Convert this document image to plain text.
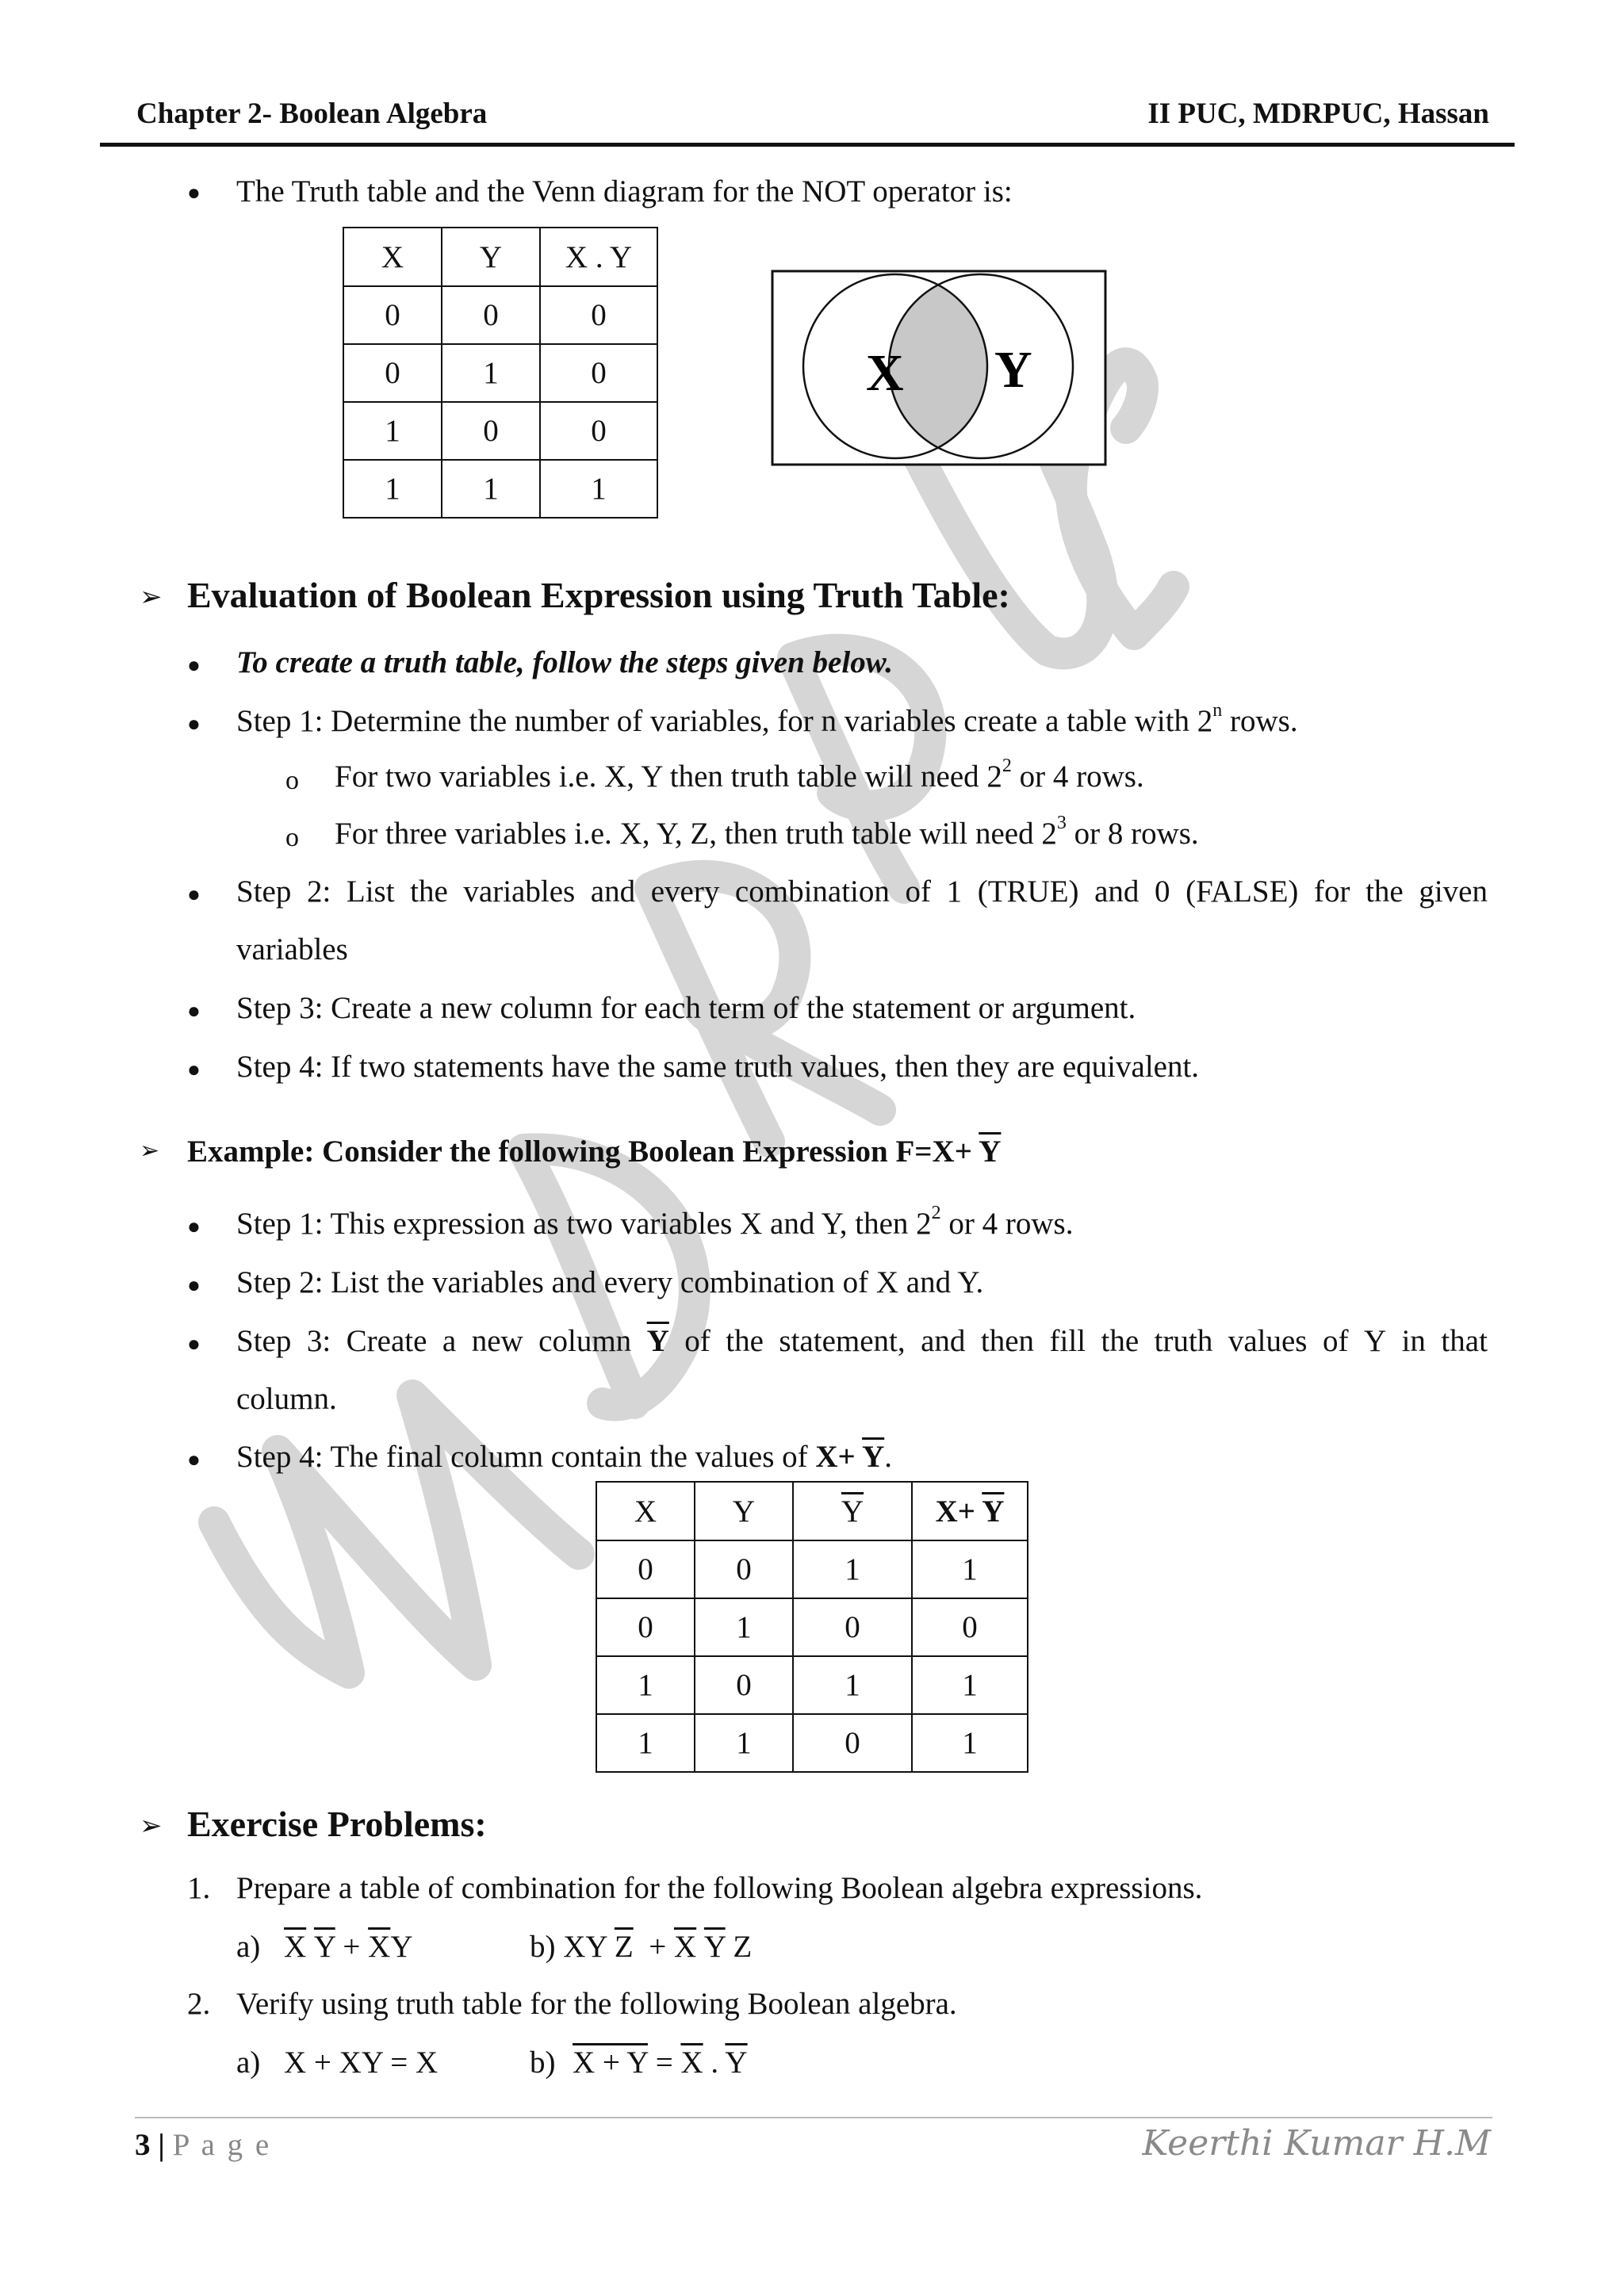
Chapter 2- Boolean Algebra	II PUC, MDRPUC, Hassan
● The Truth table and the Venn diagram for the NOT operator is:
X	Y	X . Y
0	0	0
0	1	0
1	0	0
1	1	1
X Y
➢ Evaluation of Boolean Expression using Truth Table:
● To create a truth table, follow the steps given below.
● Step 1: Determine the number of variables, for n variables create a table with 2$^n$ rows.
o For two variables i.e. X, Y then truth table will need $2^2$ or 4 rows.
o For three variables i.e. X, Y, Z, then truth table will need $2^3$ or 8 rows.
● Step 2: List the variables and every combination of 1 (TRUE) and 0 (FALSE) for the given
variables
● Step 3: Create a new column for each term of the statement or argument.
● Step 4: If two statements have the same truth values, then they are equivalent.
➢ Example: Consider the following Boolean Expression $F=X+ \overline{Y}$
● Step 1: This expression as two variables X and Y, then $2^2$ or 4 rows.
● Step 2: List the variables and every combination of X and Y.
● Step 3: Create a new column $\overline{Y}$ of the statement, and then fill the truth values of Y in that
column.
● Step 4: The final column contain the values of $X+ \overline{Y}$.
X	Y	$\overline{Y}$	$X+ \overline{Y}$
0	0	1	1
0	1	0	0
1	0	1	1
1	1	0	1
➢ Exercise Problems:
1. Prepare a table of combination for the following Boolean algebra expressions.
a) $\overline{X}$ $\overline{Y} + \overline{X}Y$	b) XY $\overline{Z} + \overline{X}$ $\overline{Y}$ Z
2. Verify using truth table for the following Boolean algebra.
a) X + XY = X	b) $X + Y = \overline{X}$ . $\overline{Y}$
3 | P a g e	Keerthi Kumar H.M
